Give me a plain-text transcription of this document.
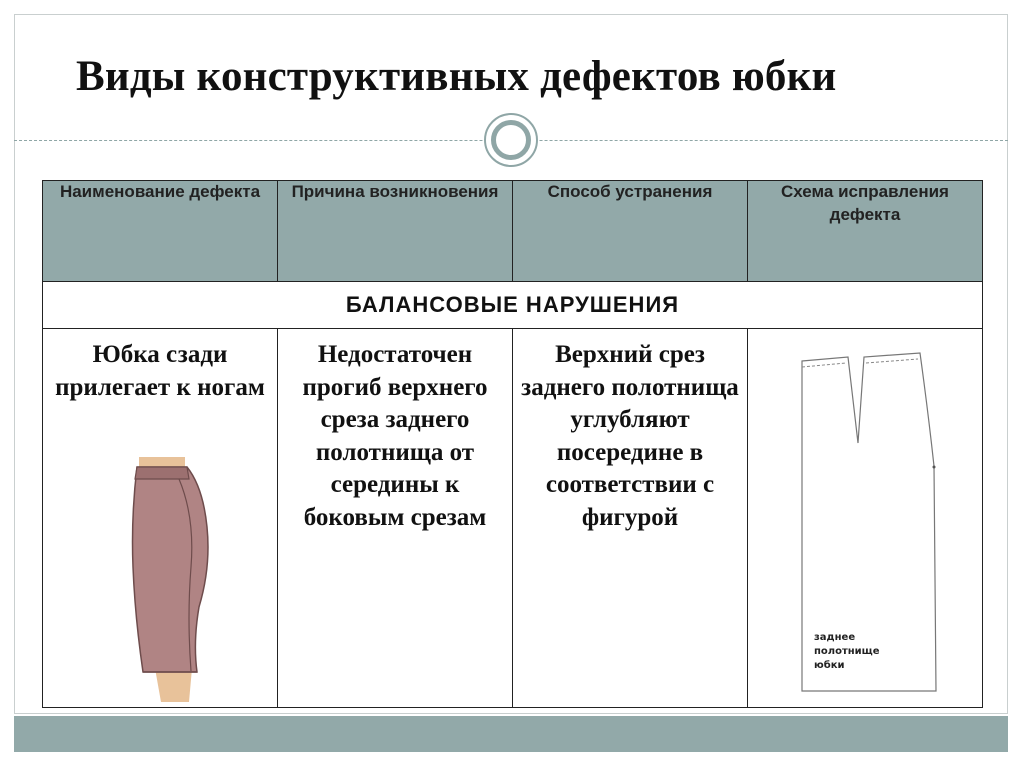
Виды конструктивных дефектов юбки
Наименование дефекта	Причина возникновения	Способ устранения	Схема исправления дефекта
БАЛАНСОВЫЕ НАРУШЕНИЯ			

Юбка сзади прилегает к ногам	Недостаточен прогиб верхнего среза заднего полотнища от середины к боковым срезам	Верхний срез заднего полотнища углубляют посередине в соответствии с фигурой	заднее
полотнище
юбки
